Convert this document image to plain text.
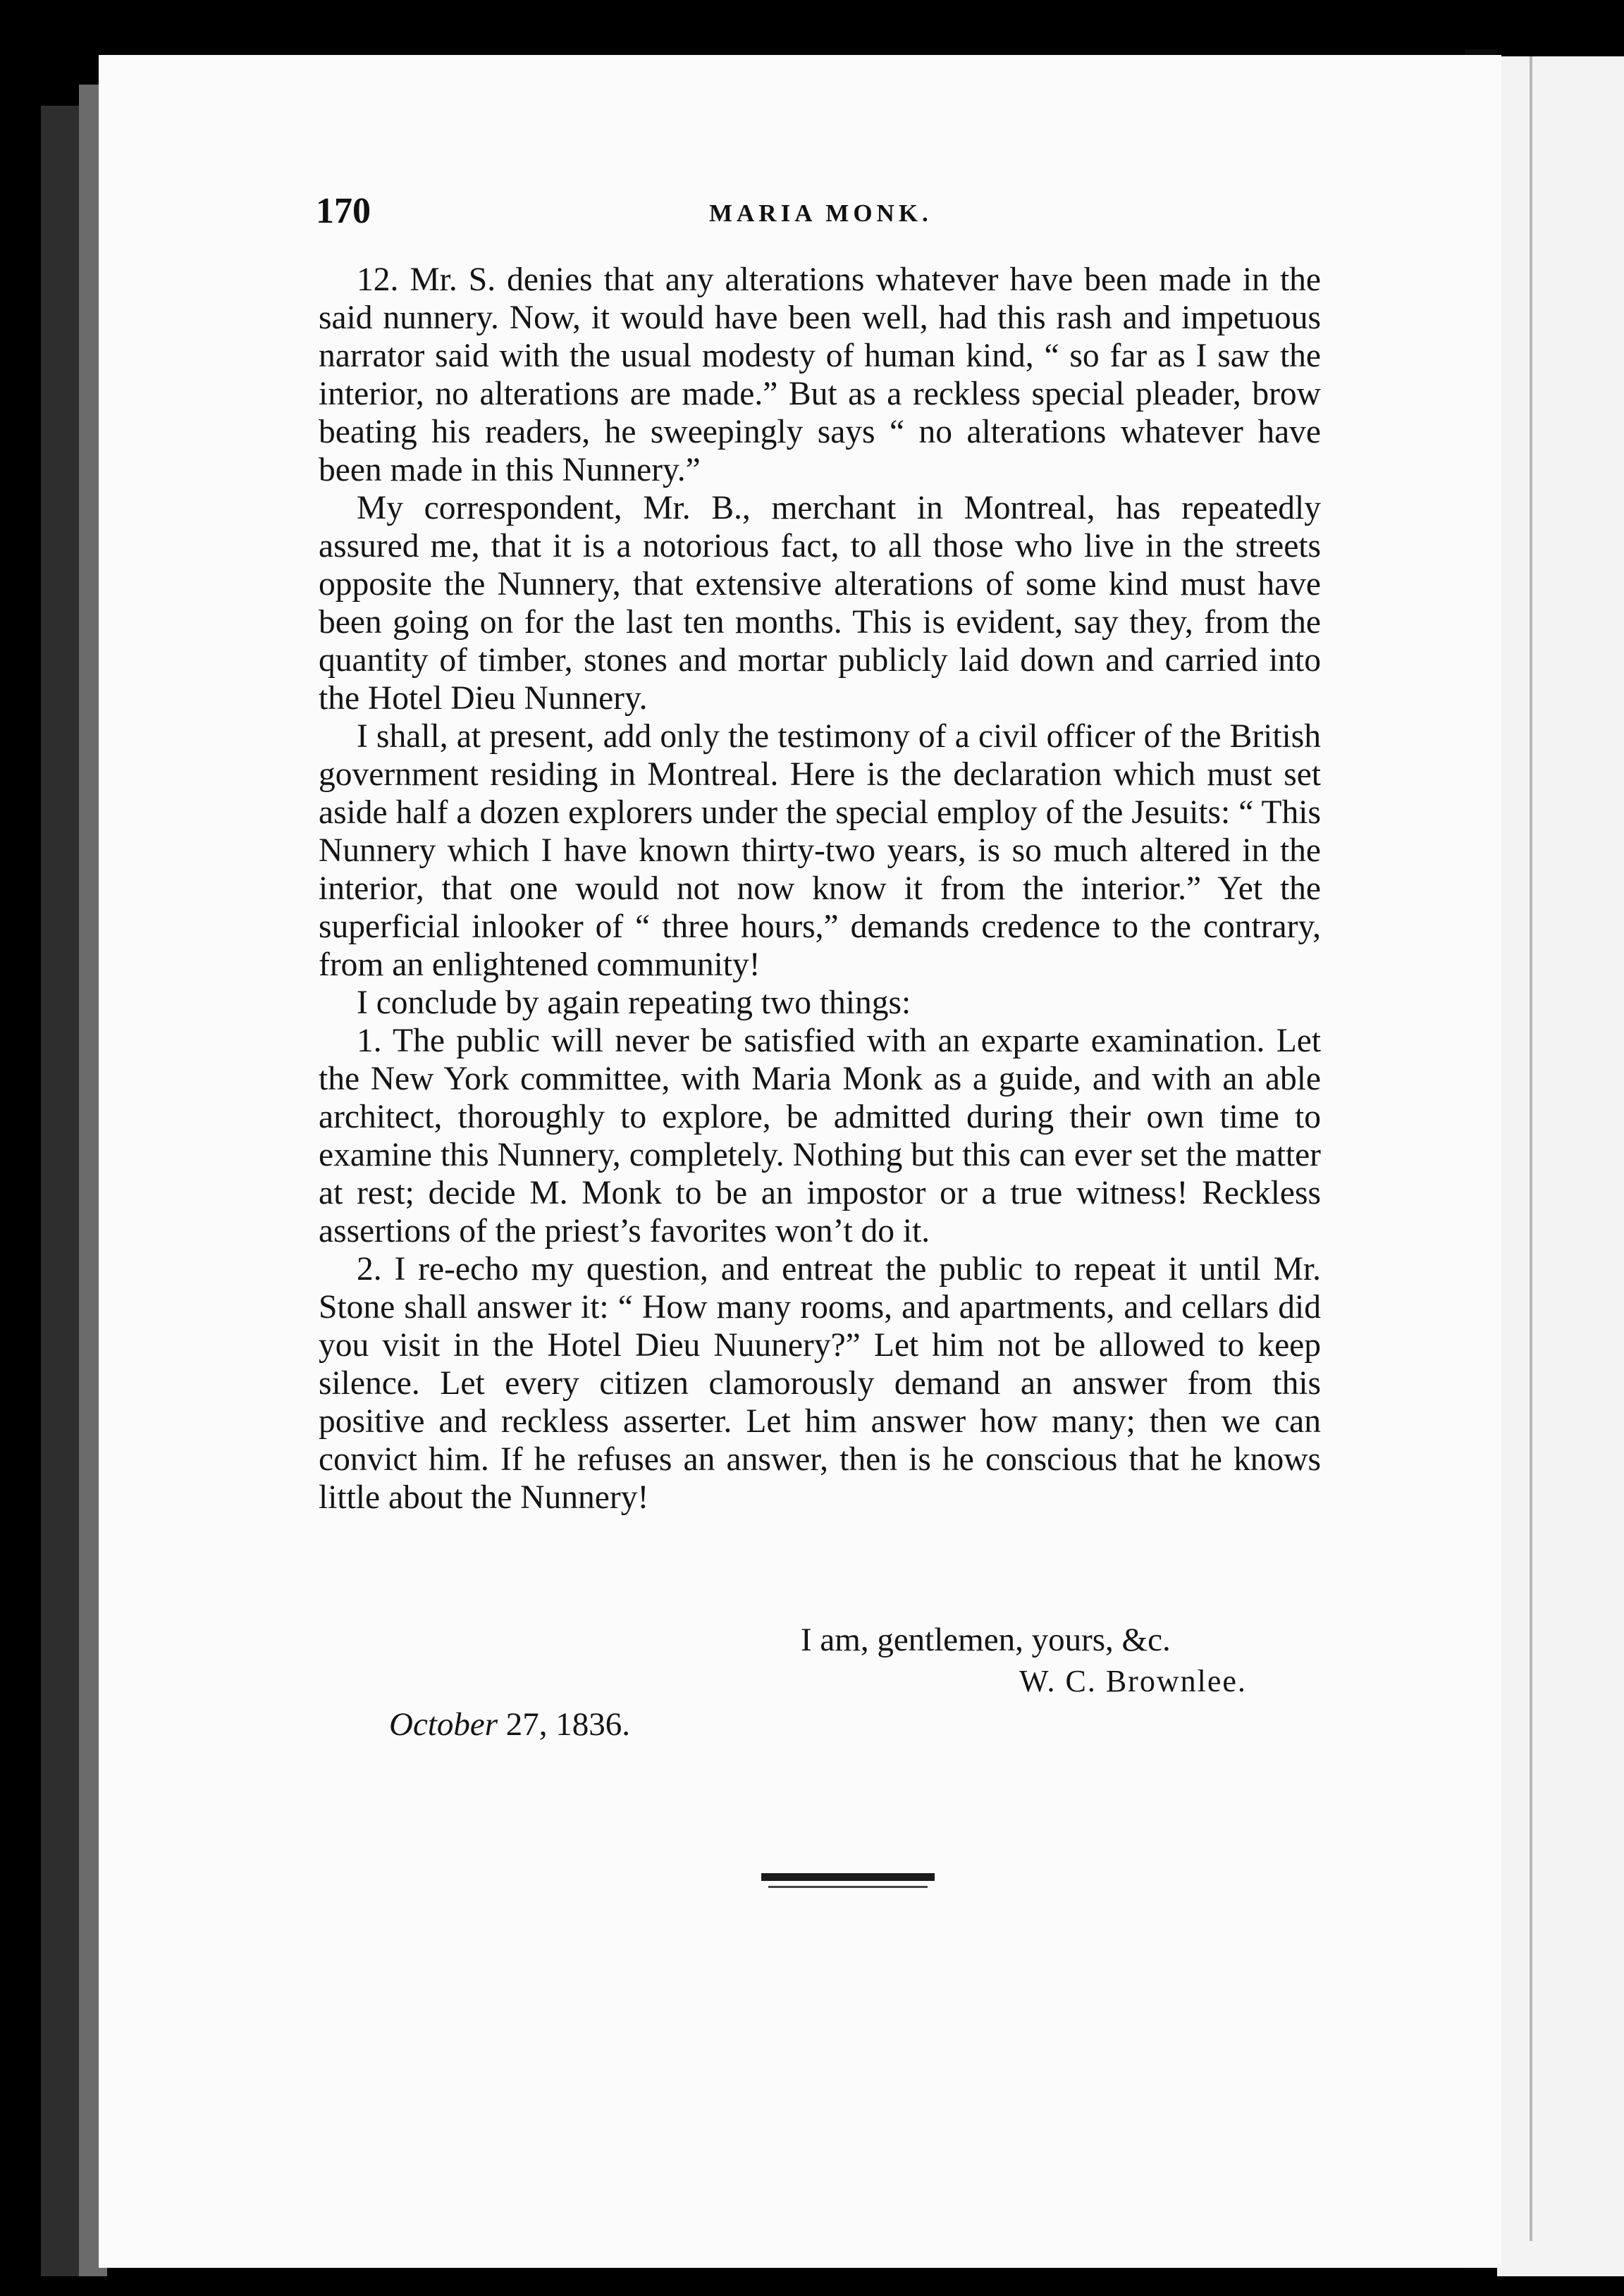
170	MARIA MONK.

12. Mr. S. denies that any alterations whatever have been made in the said nunnery. Now, it would have been well, had this rash and impetuous narrator said with the usual modesty of human kind, “ so far as I saw the interior, no alterations are made.” But as a reckless special pleader, brow beating his readers, he sweepingly says “ no alterations whatever have been made in this Nunnery.”

My correspondent, Mr. B., merchant in Montreal, has repeatedly assured me, that it is a notorious fact, to all those who live in the streets opposite the Nunnery, that extensive alterations of some kind must have been going on for the last ten months. This is evident, say they, from the quantity of timber, stones and mortar publicly laid down and carried into the Hotel Dieu Nunnery.

I shall, at present, add only the testimony of a civil officer of the British government residing in Montreal. Here is the declaration which must set aside half a dozen explorers under the special employ of the Jesuits: “ This Nunnery which I have known thirty-two years, is so much altered in the interior, that one would not now know it from the interior.” Yet the superficial inlooker of “ three hours,” demands credence to the contrary, from an enlightened community!

I conclude by again repeating two things:

1. The public will never be satisfied with an exparte examination. Let the New York committee, with Maria Monk as a guide, and with an able architect, thoroughly to explore, be admitted during their own time to examine this Nunnery, completely. Nothing but this can ever set the matter at rest; decide M. Monk to be an impostor or a true witness! Reckless assertions of the priest’s favorites won’t do it.

2. I re-echo my question, and entreat the public to repeat it until Mr. Stone shall answer it: “ How many rooms, and apartments, and cellars did you visit in the Hotel Dieu Nuunery?” Let him not be allowed to keep silence. Let every citizen clamorously demand an answer from this positive and reckless asserter. Let him answer how many; then we can convict him. If he refuses an answer, then is he conscious that he knows little about the Nunnery!

I am, gentlemen, yours, &c.
W. C. Brownlee.
October 27, 1836.
